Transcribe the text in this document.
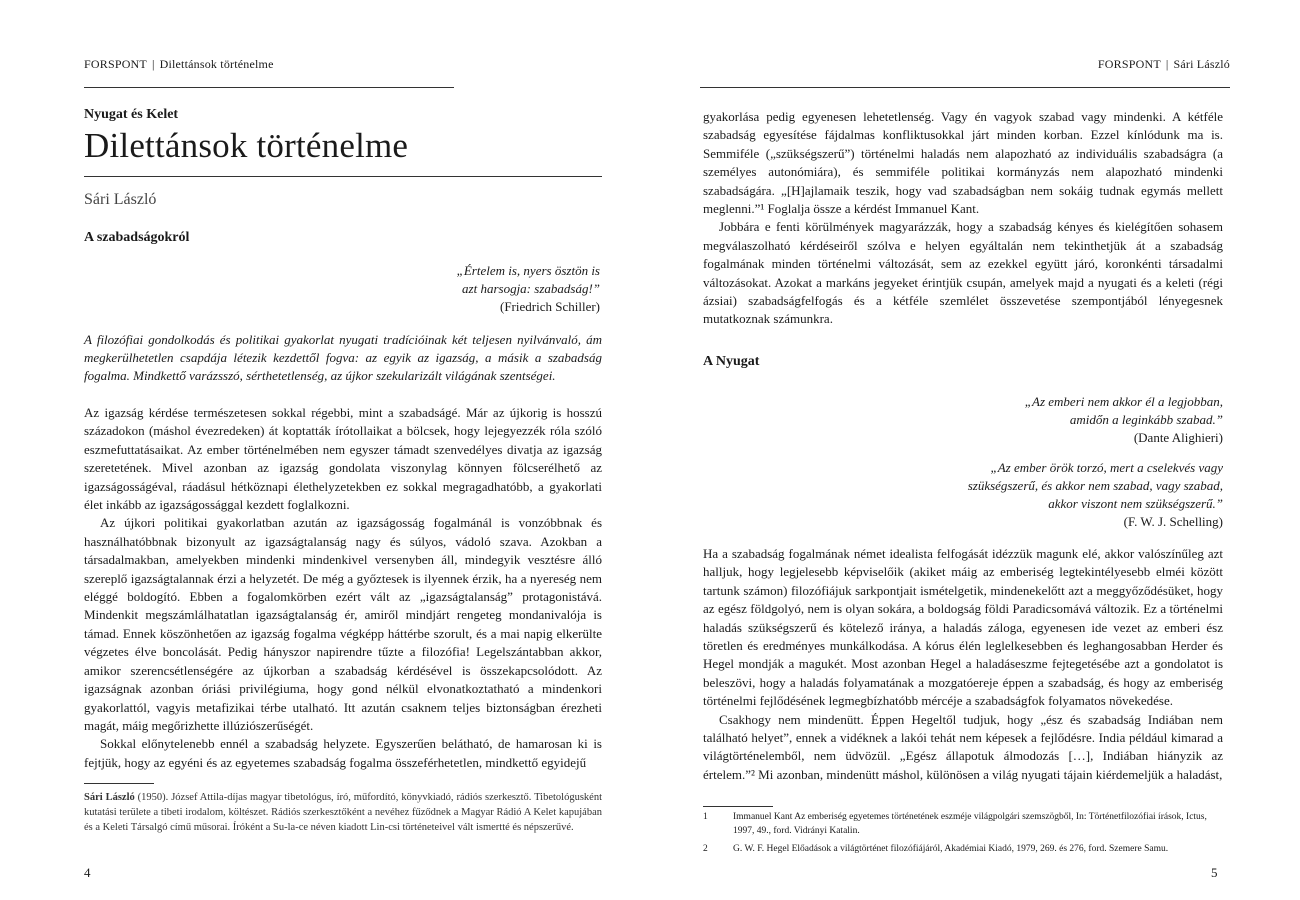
FORSPONT | Dilettánsok történelme
Nyugat és Kelet
Dilettánsok történelme
Sári László
A szabadságokról
„Értelem is, nyers ösztön is
azt harsogja: szabadság!”
(Friedrich Schiller)

A filozófiai gondolkodás és politikai gyakorlat nyugati tradícióinak két teljesen nyilvánvaló, ám megkerülhetetlen csapdája létezik kezdettől fogva: az egyik az igazság, a másik a szabadság fogalma. Mindkettő varázsszó, sérthetetlenség, az újkor szekularizált világának szentségei.

Az igazság kérdése természetesen sokkal régebbi, mint a szabadságé. Már az újkorig is hosszú századokon (máshol évezredeken) át koptatták írótollaikat a bölcsek, hogy lejegyezzék róla szóló eszmefuttatásaikat. Az ember történelmében nem egyszer támadt szenvedélyes divatja az igazság szeretetének. Mivel azonban az igazság gondolata viszonylag könnyen fölcserélhető az igazságosságéval, ráadásul hétköznapi élethelyzetekben ez sokkal megragadhatóbb, a gyakorlati élet inkább az igazságossággal kezdett foglalkozni.

Az újkori politikai gyakorlatban azután az igazságosság fogalmánál is vonzóbbnak és használhatóbbnak bizonyult az igazságtalanság nagy és súlyos, vádoló szava. Azokban a társadalmakban, amelyekben mindenki mindenkivel versenyben áll, mindegyik vesztésre álló szereplő igazságtalannak érzi a helyzetét. De még a győztesek is ilyennek érzik, ha a nyereség nem eléggé boldogító. Ebben a fogalomkörben ezért vált az „igazságtalanság” protagonistává. Mindenkit megszámlálhatatlan igazságtalanság ér, amiről mindjárt rengeteg mondanivalója is támad. Ennek köszönhetően az igazság fogalma végképp háttérbe szorult, és a mai napig elkerülte végzetes élve boncolását. Pedig hányszor napirendre tűzte a filozófia! Legelszántabban akkor, amikor szerencsétlenségére az újkorban a szabadság kérdésével is összekapcsolódott. Az igazságnak azonban óriási privilégiuma, hogy gond nélkül elvonatkoztatható a mindenkori gyakorlattól, vagyis metafizikai térbe utalható. Itt azután csaknem teljes biztonságban érezheti magát, máig megőrizhette illúziószerűségét.

Sokkal előnytelenebb ennél a szabadság helyzete. Egyszerűen belátható, de hamarosan ki is fejtjük, hogy az egyéni és az egyetemes szabadság fogalma összeférhetetlen, mindkettő egyidejű

Sári László (1950). József Attila-díjas magyar tibetológus, író, műfordító, könyvkiadó, rádiós szerkesztő. Tibetológusként kutatási területe a tibeti irodalom, költészet. Rádiós szerkesztőként a nevéhez fűződnek a Magyar Rádió A Kelet kapujában és a Keleti Társalgó című műsorai. Íróként a Su-la-ce néven kiadott Lin-csi történeteivel vált ismertté és népszerűvé.

4
FORSPONT | Sári László

gyakorlása pedig egyenesen lehetetlenség. Vagy én vagyok szabad vagy mindenki. A kétféle szabadság egyesítése fájdalmas konfliktusokkal járt minden korban. Ezzel kínlódunk ma is. Semmiféle („szükségszerű”) történelmi haladás nem alapozható az individuális szabadságra (a személyes autonómiára), és semmiféle politikai kormányzás nem alapozható mindenki szabadságára. „[H]ajlamaik teszik, hogy vad szabadságban nem sokáig tudnak egymás mellett meglenni.”¹ Foglalja össze a kérdést Immanuel Kant.

Jobbára e fenti körülmények magyarázzák, hogy a szabadság kényes és kielégítően sohasem megválaszolható kérdéseiről szólva e helyen egyáltalán nem tekinthetjük át a szabadság fogalmának minden történelmi változását, sem az ezekkel együtt járó, koronkénti társadalmi változásokat. Azokat a markáns jegyeket érintjük csupán, amelyek majd a nyugati és a keleti (régi ázsiai) szabadságfelfogás és a kétféle szemlélet összevetése szempontjából lényegesnek mutatkoznak számunkra.

A Nyugat
„Az emberi nem akkor él a legjobban,
amidőn a leginkább szabad.”
(Dante Alighieri)
„Az ember örök torzó, mert a cselekvés vagy
szükségszerű, és akkor nem szabad, vagy szabad,
akkor viszont nem szükségszerű.”
(F. W. J. Schelling)

Ha a szabadság fogalmának német idealista felfogását idézzük magunk elé, akkor valószínűleg azt halljuk, hogy legjelesebb képviselőik (akiket máig az emberiség legtekintélyesebb elméi között tartunk számon) filozófiájuk sarkpontjait ismételgetik, mindenekelőtt azt a meggyőződésüket, hogy az egész földgolyó, nem is olyan sokára, a boldogság földi Paradicsomává változik. Ez a történelmi haladás szükségszerű és kötelező iránya, a haladás záloga, egyenesen ide vezet az emberi ész töretlen és eredményes munkálkodása. A kórus élén leglelkesebben és leghangosabban Herder és Hegel mondják a magukét. Most azonban Hegel a haladáseszme fejtegetésébe azt a gondolatot is beleszövi, hogy a haladás folyamatának a mozgatóereje éppen a szabadság, és hogy az emberiség történelmi fejlődésének legmegbízhatóbb mércéje a szabadságfok folyamatos növekedése.

Csakhogy nem mindenütt. Éppen Hegeltől tudjuk, hogy „ész és szabadság Indiában nem található helyet”, ennek a vidéknek a lakói tehát nem képesek a fejlődésre. India például kimarad a világtörténelemből, nem üdvözül. „Egész állapotuk álmodozás […], Indiában hiányzik az értelem.”² Mi azonban, mindenütt máshol, különösen a világ nyugati tájain kiérdemeljük a haladást,

1	Immanuel Kant Az emberiség egyetemes történetének eszméje világpolgári szemszögből, In: Történetfilozófiai írások, Ictus, 1997, 49., ford. Vidrányi Katalin.
2	G. W. F. Hegel Előadások a világtörténet filozófiájáról, Akadémiai Kiadó, 1979, 269. és 276, ford. Szemere Samu.
5
